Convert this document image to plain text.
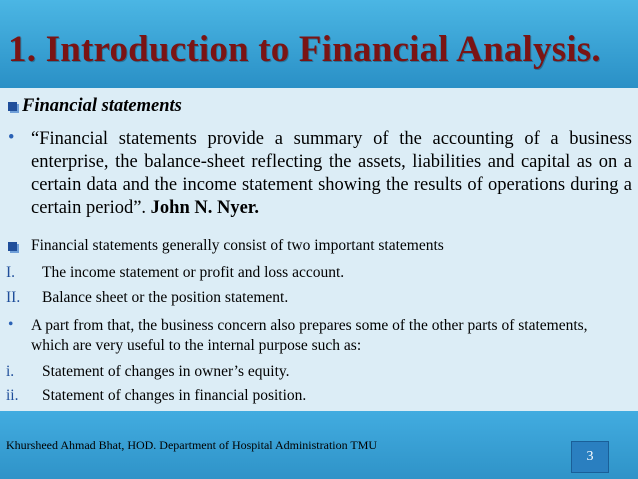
1. Introduction to Financial Analysis.
Financial statements
• “Financial statements provide a summary of the accounting of a business enterprise, the balance-sheet reflecting the assets, liabilities and capital as on a certain data and the income statement showing the results of operations during a certain period”. John N. Nyer.
Financial statements generally consist of two important statements
I. The income statement or profit and loss account.
II. Balance sheet or the position statement.
• A part from that, the business concern also prepares some of the other parts of statements, which are very useful to the internal purpose such as:
i. Statement of changes in owner’s equity.
ii. Statement of changes in financial position.
Khursheed Ahmad Bhat, HOD. Department of Hospital Administration TMU
3
